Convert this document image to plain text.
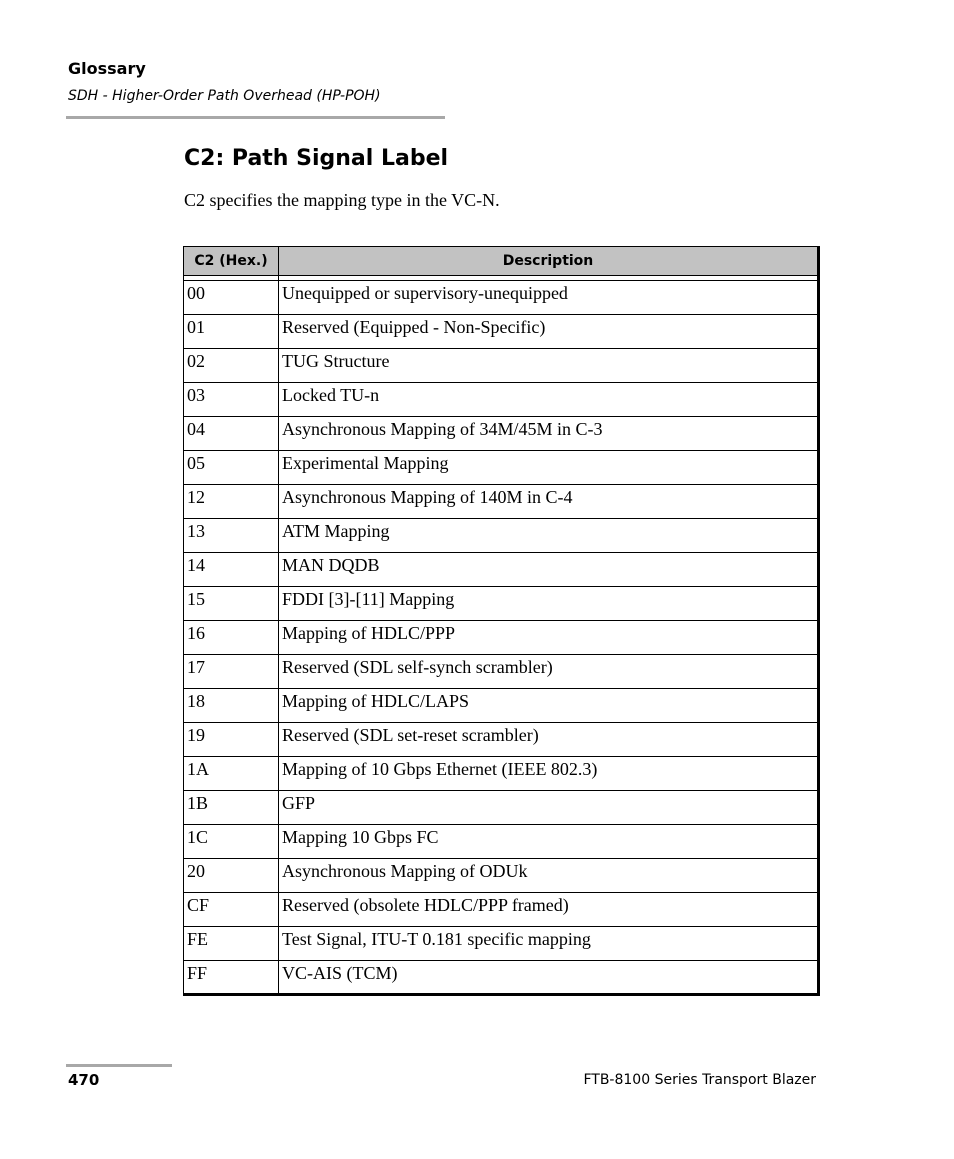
Glossary
SDH - Higher-Order Path Overhead (HP-POH)
C2: Path Signal Label
C2 specifies the mapping type in the VC-N.
C2 (Hex.)	Description

00	Unequipped or supervisory-unequipped
01	Reserved (Equipped - Non-Specific)
02	TUG Structure
03	Locked TU-n
04	Asynchronous Mapping of 34M/45M in C-3
05	Experimental Mapping
12	Asynchronous Mapping of 140M in C-4
13	ATM Mapping
14	MAN DQDB
15	FDDI [3]-[11] Mapping
16	Mapping of HDLC/PPP
17	Reserved (SDL self-synch scrambler)
18	Mapping of HDLC/LAPS
19	Reserved (SDL set-reset scrambler)
1A	Mapping of 10 Gbps Ethernet (IEEE 802.3)
1B	GFP
1C	Mapping 10 Gbps FC
20	Asynchronous Mapping of ODUk
CF	Reserved (obsolete HDLC/PPP framed)
FE	Test Signal, ITU-T 0.181 specific mapping
FF	VC-AIS (TCM)
470	FTB-8100 Series Transport Blazer
